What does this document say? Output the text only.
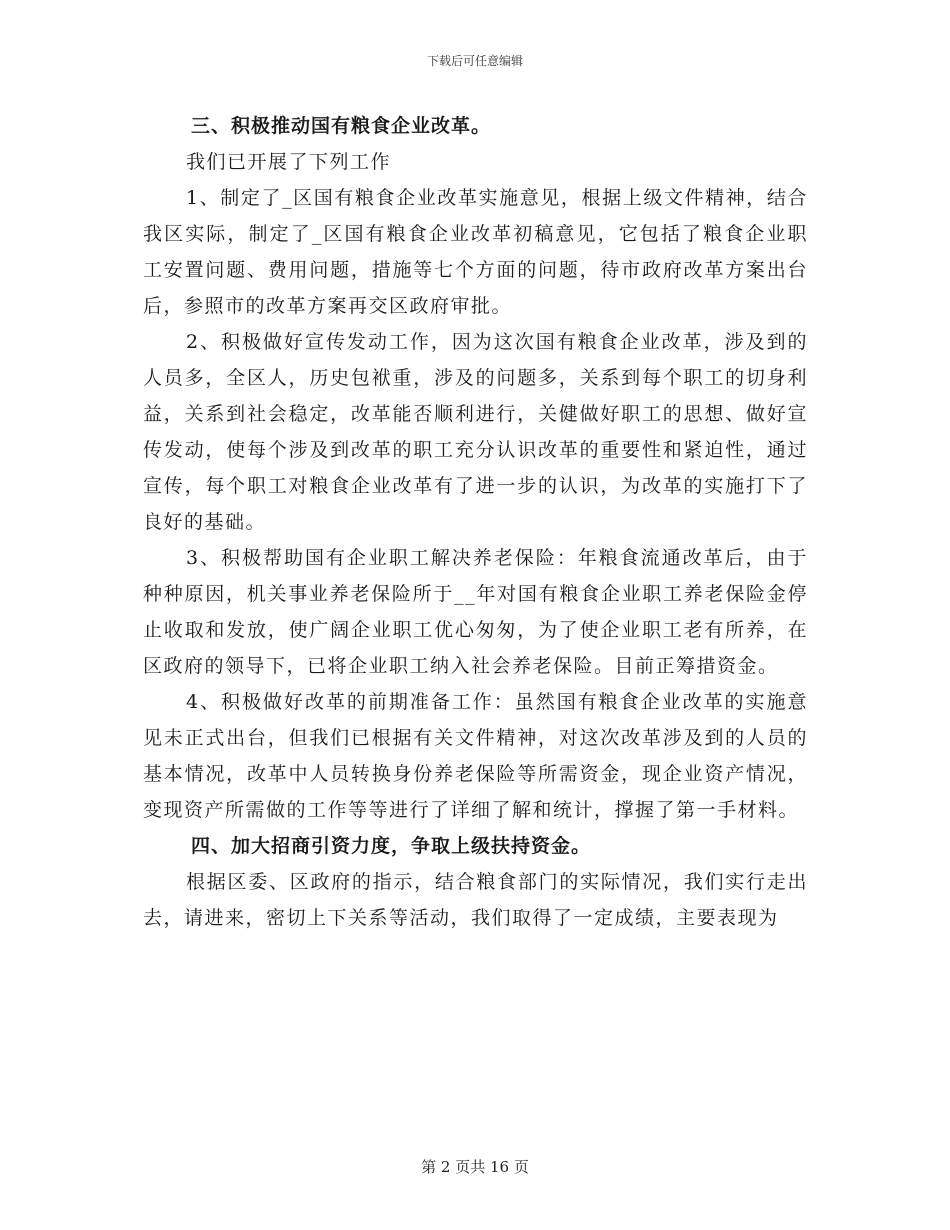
下载后可任意编辑

三、积极推动国有粮食企业改革。

我们已开展了下列工作

1、制定了_区国有粮食企业改革实施意见，根据上级文件精神，结合我区实际，制定了_区国有粮食企业改革初稿意见，它包括了粮食企业职工安置问题、费用问题，措施等七个方面的问题，待市政府改革方案出台后，参照市的改革方案再交区政府审批。

2、积极做好宣传发动工作，因为这次国有粮食企业改革，涉及到的人员多，全区人，历史包袱重，涉及的问题多，关系到每个职工的切身利益，关系到社会稳定，改革能否顺利进行，关健做好职工的思想、做好宣传发动，使每个涉及到改革的职工充分认识改革的重要性和紧迫性，通过宣传，每个职工对粮食企业改革有了进一步的认识，为改革的实施打下了良好的基础。

3、积极帮助国有企业职工解决养老保险：年粮食流通改革后，由于种种原因，机关事业养老保险所于__年对国有粮食企业职工养老保险金停止收取和发放，使广阔企业职工优心匆匆，为了使企业职工老有所养，在区政府的领导下，已将企业职工纳入社会养老保险。目前正筹措资金。

4、积极做好改革的前期准备工作：虽然国有粮食企业改革的实施意见未正式出台，但我们已根据有关文件精神，对这次改革涉及到的人员的基本情况，改革中人员转换身份养老保险等所需资金，现企业资产情况，变现资产所需做的工作等等进行了详细了解和统计，撑握了第一手材料。

四、加大招商引资力度，争取上级扶持资金。

根据区委、区政府的指示，结合粮食部门的实际情况，我们实行走出去，请进来，密切上下关系等活动，我们取得了一定成绩，主要表现为

第 2 页共 16 页
